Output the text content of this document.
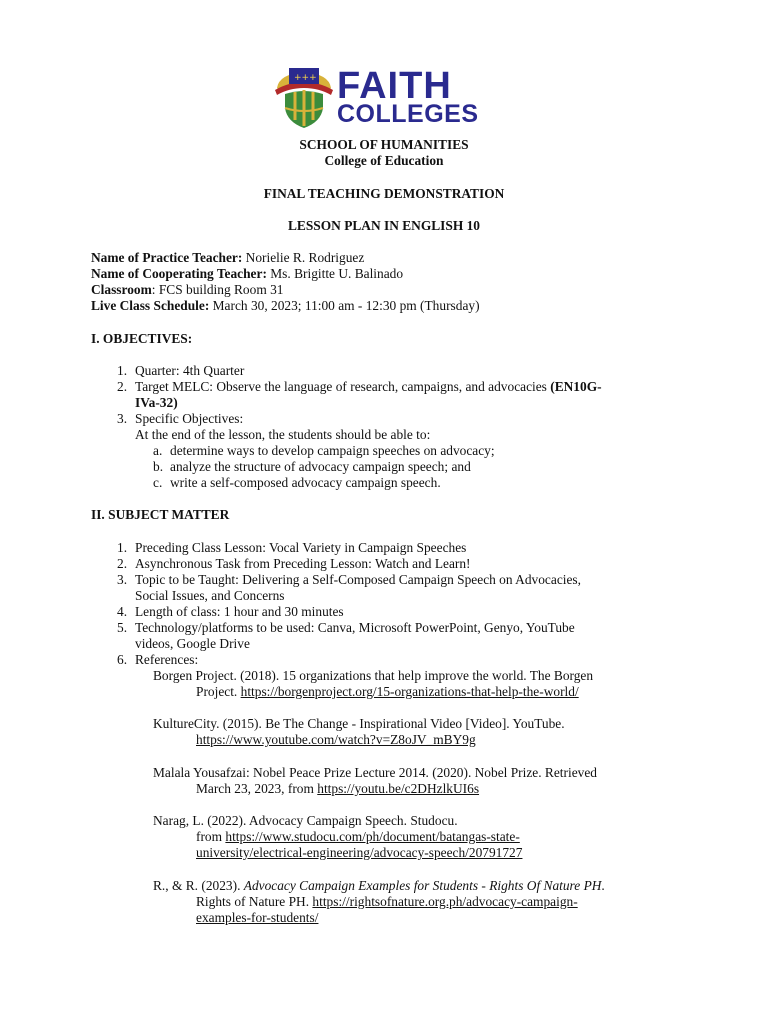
+++ FAITH
COLLEGES
SCHOOL OF HUMANITIES
College of Education
FINAL TEACHING DEMONSTRATION
LESSON PLAN IN ENGLISH 10
Name of Practice Teacher: Norielie R. Rodriguez
Name of Cooperating Teacher: Ms. Brigitte U. Balinado
Classroom: FCS building Room 31
Live Class Schedule: March 30, 2023; 11:00 am - 12:30 pm (Thursday)
I. OBJECTIVES:
1. Quarter: 4th Quarter
2. Target MELC: Observe the language of research, campaigns, and advocacies (EN10G-
IVa-32)
3. Specific Objectives:
At the end of the lesson, the students should be able to:
a. determine ways to develop campaign speeches on advocacy;
b. analyze the structure of advocacy campaign speech; and
c. write a self-composed advocacy campaign speech.
II. SUBJECT MATTER
1. Preceding Class Lesson: Vocal Variety in Campaign Speeches
2. Asynchronous Task from Preceding Lesson: Watch and Learn!
3. Topic to be Taught: Delivering a Self-Composed Campaign Speech on Advocacies,
Social Issues, and Concerns
4. Length of class: 1 hour and 30 minutes
5. Technology/platforms to be used: Canva, Microsoft PowerPoint, Genyo, YouTube
videos, Google Drive
6. References:
Borgen Project. (2018). 15 organizations that help improve the world. The Borgen
Project. https://borgenproject.org/15-organizations-that-help-the-world/
KultureCity. (2015). Be The Change - Inspirational Video [Video]. YouTube.
https://www.youtube.com/watch?v=Z8oJV_mBY9g
Malala Yousafzai: Nobel Peace Prize Lecture 2014. (2020). Nobel Prize. Retrieved
March 23, 2023, from https://youtu.be/c2DHzlkUI6s
Narag, L. (2022). Advocacy Campaign Speech. Studocu.
from https://www.studocu.com/ph/document/batangas-state-
university/electrical-engineering/advocacy-speech/20791727
R., & R. (2023). Advocacy Campaign Examples for Students - Rights Of Nature PH.
Rights of Nature PH. https://rightsofnature.org.ph/advocacy-campaign-
examples-for-students/
